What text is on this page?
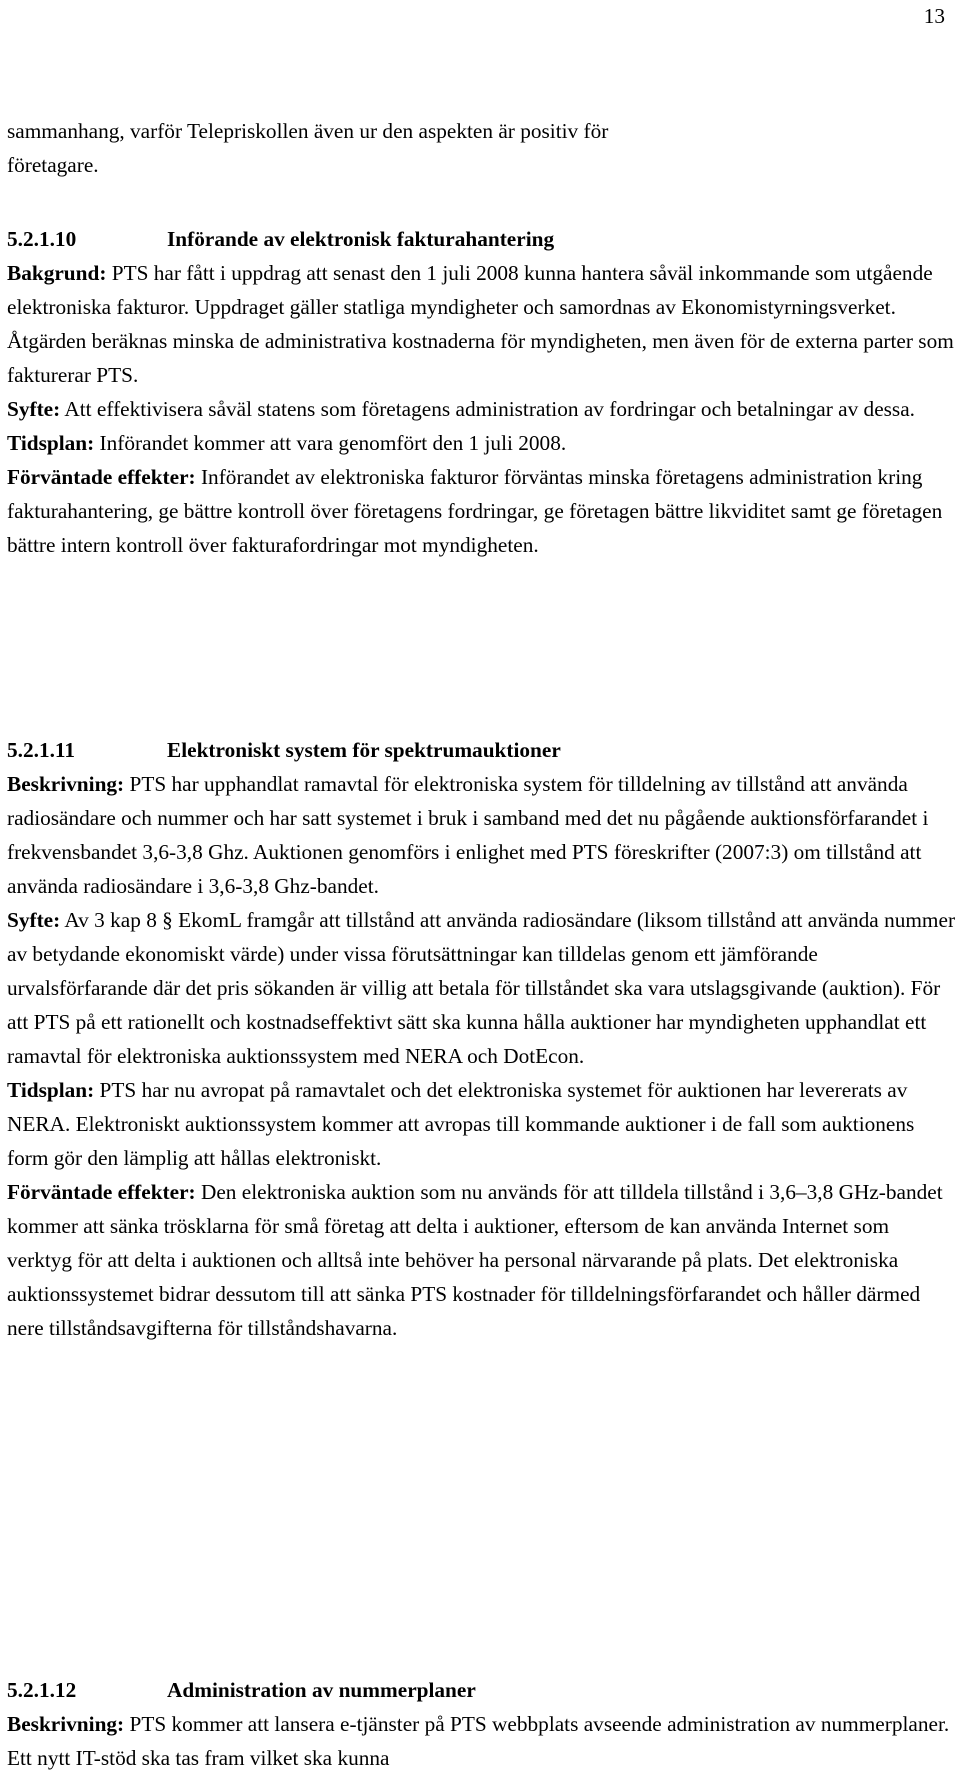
13
sammanhang, varför Telepriskollen även ur den aspekten är positiv för
företagare.
5.2.1.10	Införande av elektronisk fakturahantering
Bakgrund: PTS har fått i uppdrag att senast den 1 juli 2008 kunna hantera såväl inkommande som utgående elektroniska fakturor. Uppdraget gäller statliga myndigheter och samordnas av Ekonomistyrningsverket. Åtgärden beräknas minska de administrativa kostnaderna för myndigheten, men även för de externa parter som fakturerar PTS.
Syfte: Att effektivisera såväl statens som företagens administration av fordringar och betalningar av dessa.
Tidsplan: Införandet kommer att vara genomfört den 1 juli 2008.
Förväntade effekter: Införandet av elektroniska fakturor förväntas minska företagens administration kring fakturahantering, ge bättre kontroll över företagens fordringar, ge företagen bättre likviditet samt ge företagen bättre intern kontroll över fakturafordringar mot myndigheten.
5.2.1.11	Elektroniskt system för spektrumauktioner
Beskrivning: PTS har upphandlat ramavtal för elektroniska system för tilldelning av tillstånd att använda radiosändare och nummer och har satt systemet i bruk i samband med det nu pågående auktionsförfarandet i frekvensbandet 3,6-3,8 Ghz. Auktionen genomförs i enlighet med PTS föreskrifter (2007:3) om tillstånd att använda radiosändare i 3,6-3,8 Ghz-bandet.
Syfte: Av 3 kap 8 § EkomL framgår att tillstånd att använda radiosändare (liksom tillstånd att använda nummer av betydande ekonomiskt värde) under vissa förutsättningar kan tilldelas genom ett jämförande urvalsförfarande där det pris sökanden är villig att betala för tillståndet ska vara utslagsgivande (auktion). För att PTS på ett rationellt och kostnadseffektivt sätt ska kunna hålla auktioner har myndigheten upphandlat ett ramavtal för elektroniska auktionssystem med NERA och DotEcon.
Tidsplan: PTS har nu avropat på ramavtalet och det elektroniska systemet för auktionen har levererats av NERA. Elektroniskt auktionssystem kommer att avropas till kommande auktioner i de fall som auktionens form gör den lämplig att hållas elektroniskt.
Förväntade effekter: Den elektroniska auktion som nu används för att tilldela tillstånd i 3,6–3,8 GHz-bandet kommer att sänka trösklarna för små företag att delta i auktioner, eftersom de kan använda Internet som verktyg för att delta i auktionen och alltså inte behöver ha personal närvarande på plats. Det elektroniska auktionssystemet bidrar dessutom till att sänka PTS kostnader för tilldelningsförfarandet och håller därmed nere tillståndsavgifterna för tillståndshavarna.
5.2.1.12	Administration av nummerplaner
Beskrivning: PTS kommer att lansera e-tjänster på PTS webbplats avseende administration av nummerplaner. Ett nytt IT-stöd ska tas fram vilket ska kunna
